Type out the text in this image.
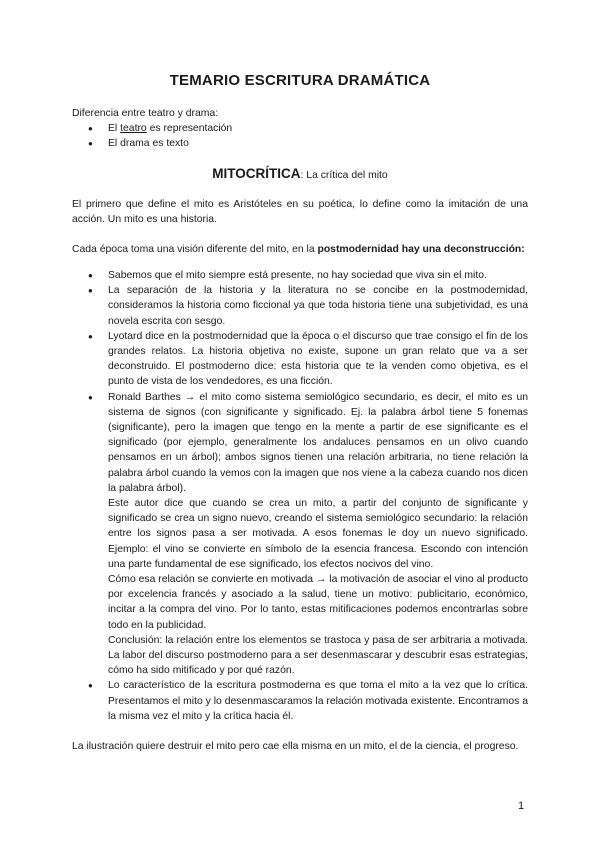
TEMARIO ESCRITURA DRAMÁTICA
Diferencia entre teatro y drama:
● El teatro es representación
● El drama es texto
MITOCRÍTICA: La crítica del mito
El primero que define el mito es Aristóteles en su poética, lo define como la imitación de una acción. Un mito es una historia.
Cada época toma una visión diferente del mito, en la postmodernidad hay una deconstrucción:
● Sabemos que el mito siempre está presente, no hay sociedad que viva sin el mito.
● La separación de la historia y la literatura no se concibe en la postmodernidad, consideramos la historia como ficcional ya que toda historia tiene una subjetividad, es una novela escrita con sesgo.
● Lyotard dice en la postmodernidad que la época o el discurso que trae consigo el fin de los grandes relatos. La historia objetiva no existe, supone un gran relato que va a ser deconstruido. El postmoderno dice: esta historia que te la venden como objetiva, es el punto de vista de los vendedores, es una ficción.
● Ronald Barthes → el mito como sistema semiológico secundario, es decir, el mito es un sistema de signos (con significante y significado. Ej. la palabra árbol tiene 5 fonemas (significante), pero la imagen que tengo en la mente a partir de ese significante es el significado (por ejemplo, generalmente los andaluces pensamos en un olivo cuando pensamos en un árbol); ambos signos tienen una relación arbitraria, no tiene relación la palabra árbol cuando la vemos con la imagen que nos viene a la cabeza cuando nos dicen la palabra árbol).

Este autor dice que cuando se crea un mito, a partir del conjunto de significante y significado se crea un signo nuevo, creando el sistema semiológico secundario: la relación entre los signos pasa a ser motivada. A esos fonemas le doy un nuevo significado. Ejemplo: el vino se convierte en símbolo de la esencia francesa. Escondo con intención una parte fundamental de ese significado, los efectos nocivos del vino.

Cómo esa relación se convierte en motivada → la motivación de asociar el vino al producto por excelencia francés y asociado a la salud, tiene un motivo: publicitario, económico, incitar a la compra del vino. Por lo tanto, estas mitificaciones podemos encontrarlas sobre todo en la publicidad.

Conclusión: la relación entre los elementos se trastoca y pasa de ser arbitraria a motivada. La labor del discurso postmoderno para a ser desenmascarar y descubrir esas estrategias, cómo ha sido mitificado y por qué razón.

● Lo característico de la escritura postmoderna es que toma el mito a la vez que lo crítica. Presentamos el mito y lo desenmascaramos la relación motivada existente. Encontramos a la misma vez el mito y la crítica hacia él.
La ilustración quiere destruir el mito pero cae ella misma en un mito, el de la ciencia, el progreso.
1
